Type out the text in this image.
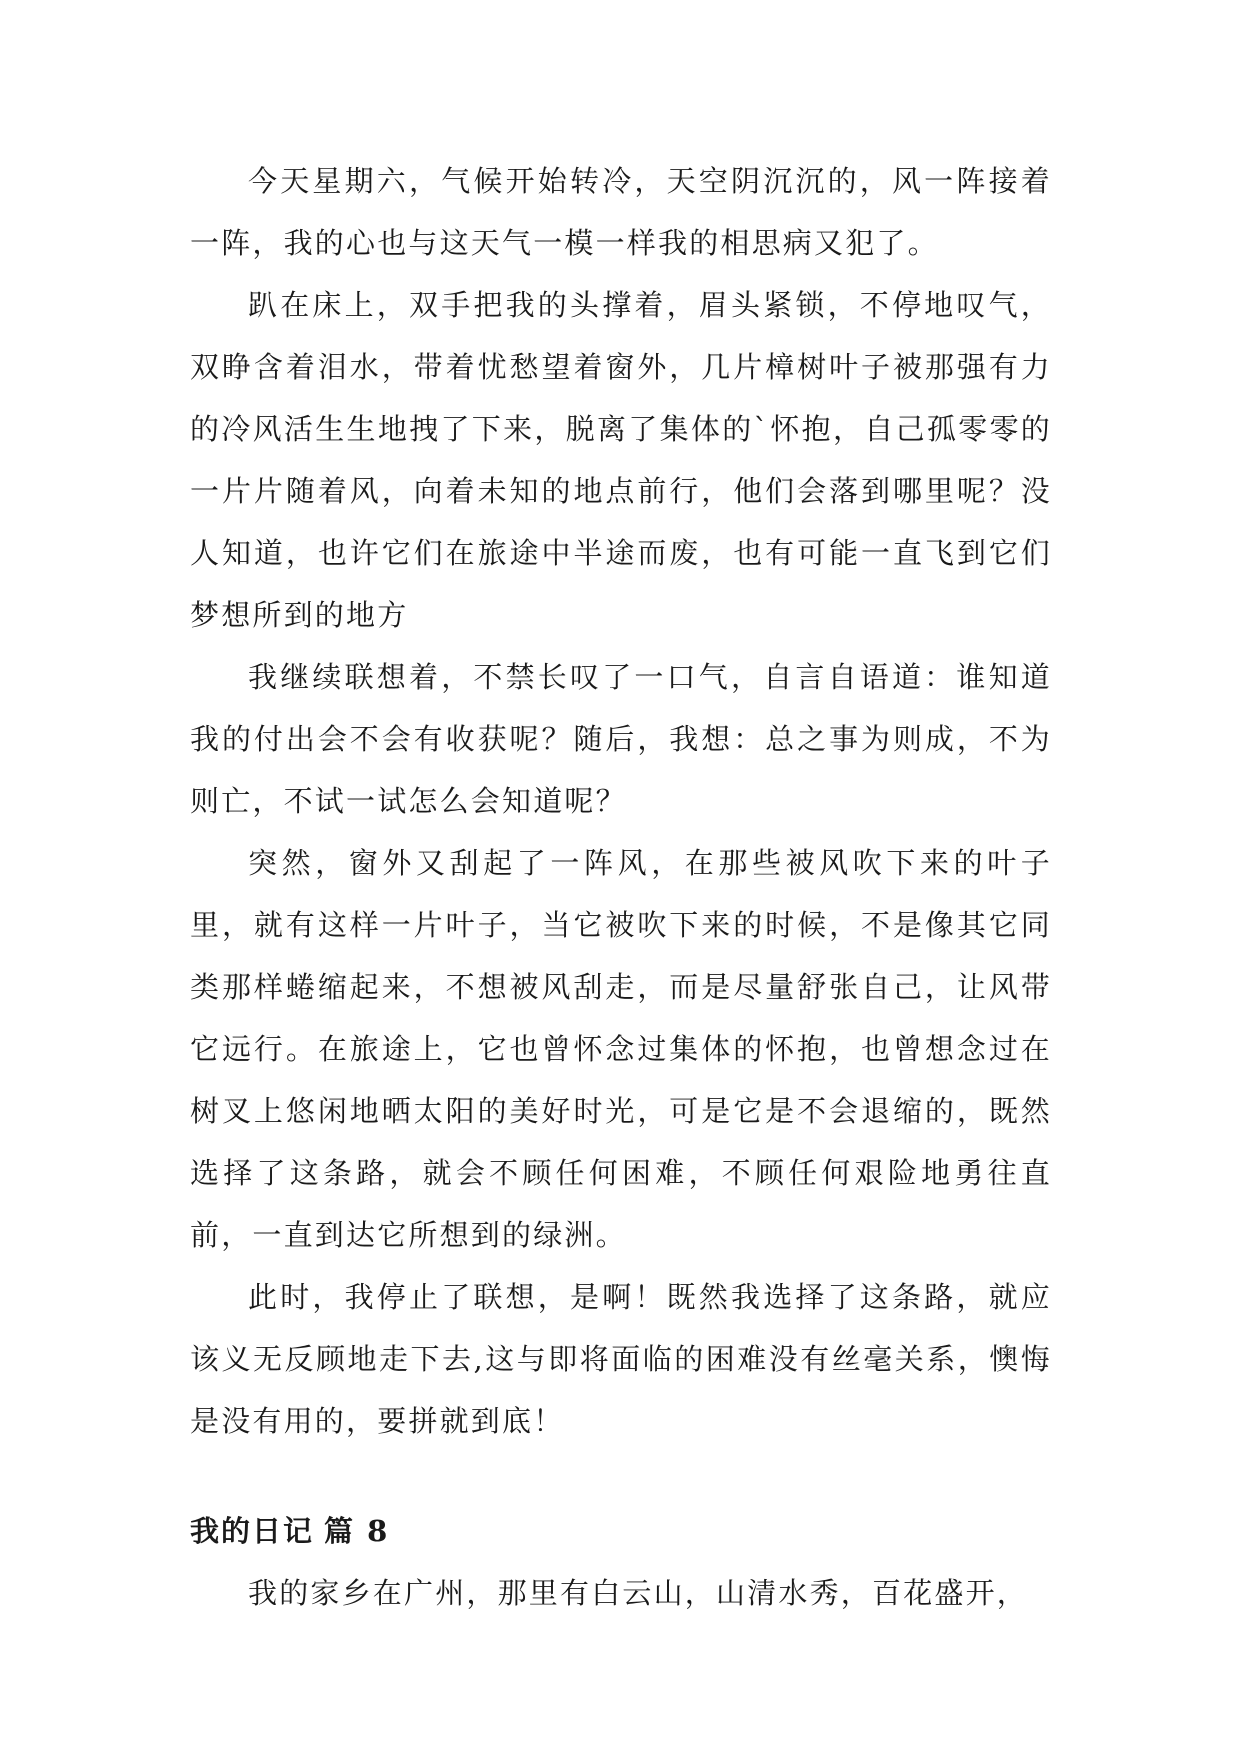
今天星期六，气候开始转冷，天空阴沉沉的，风一阵接着一阵，我的心也与这天气一模一样我的相思病又犯了。

趴在床上，双手把我的头撑着，眉头紧锁，不停地叹气，双睁含着泪水，带着忧愁望着窗外，几片樟树叶子被那强有力的冷风活生生地拽了下来，脱离了集体的`怀抱，自己孤零零的一片片随着风，向着未知的地点前行，他们会落到哪里呢？没人知道，也许它们在旅途中半途而废，也有可能一直飞到它们梦想所到的地方

我继续联想着，不禁长叹了一口气，自言自语道：谁知道我的付出会不会有收获呢？随后，我想：总之事为则成，不为则亡，不试一试怎么会知道呢？

突然，窗外又刮起了一阵风，在那些被风吹下来的叶子里，就有这样一片叶子，当它被吹下来的时候，不是像其它同类那样蜷缩起来，不想被风刮走，而是尽量舒张自己，让风带它远行。在旅途上，它也曾怀念过集体的怀抱，也曾想念过在树叉上悠闲地晒太阳的美好时光，可是它是不会退缩的，既然选择了这条路，就会不顾任何困难，不顾任何艰险地勇往直前，一直到达它所想到的绿洲。

此时，我停止了联想，是啊！既然我选择了这条路，就应该义无反顾地走下去,这与即将面临的困难没有丝毫关系，懊悔是没有用的，要拼就到底！

我的日记 篇 8

我的家乡在广州，那里有白云山，山清水秀，百花盛开，
